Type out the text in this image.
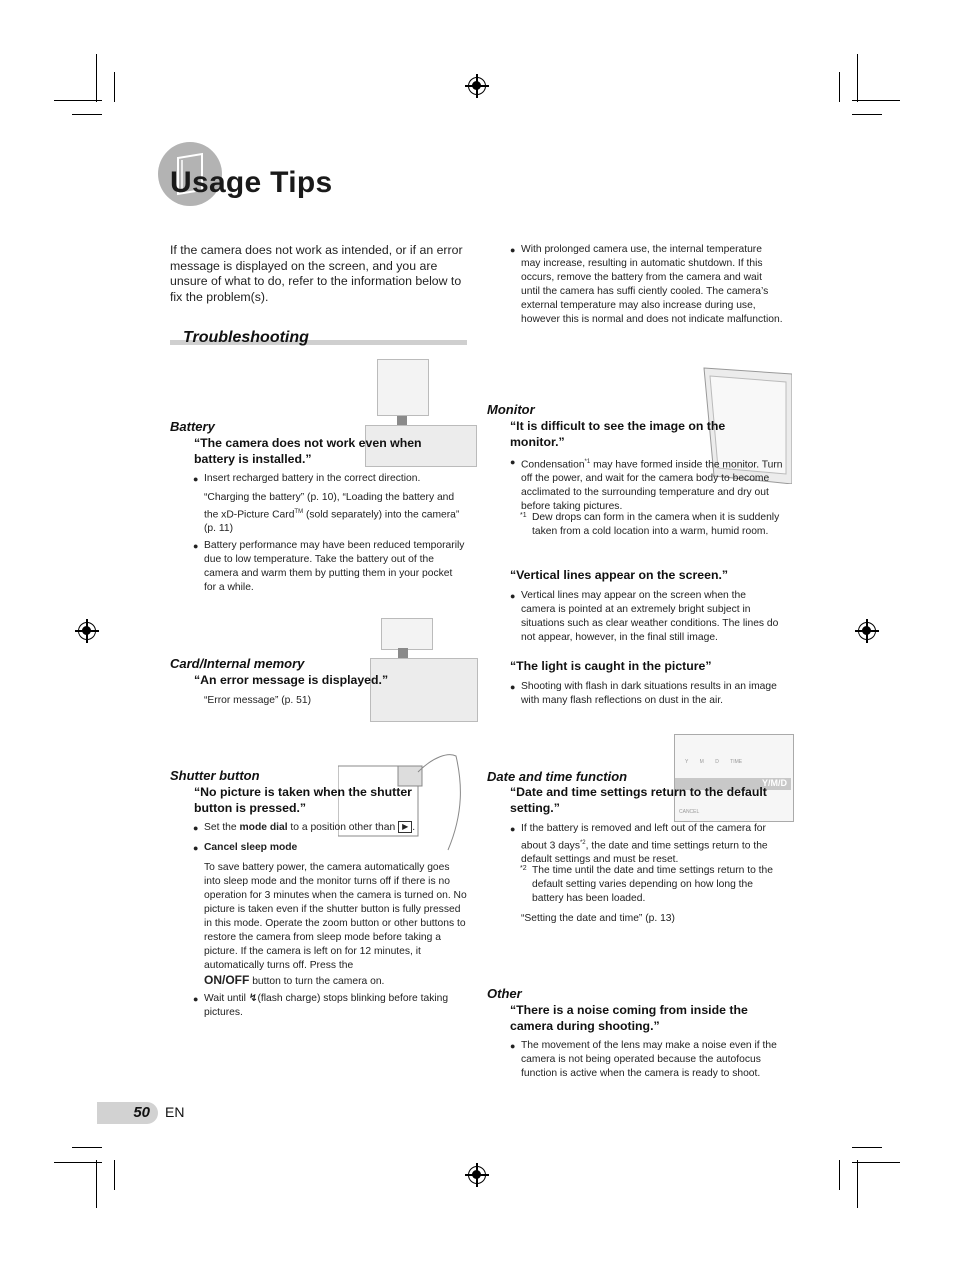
Usage Tips
If the camera does not work as intended, or if an error message is displayed on the screen, and you are unsure of what to do, refer to the information below to fix the problem(s).
Troubleshooting
Battery
“The camera does not work even when battery is installed.”
● Insert recharged battery in the correct direction.
“Charging the battery” (p. 10), “Loading the battery and the xD-Picture Card™ (sold separately) into the camera” (p. 11)
● Battery performance may have been reduced temporarily due to low temperature. Take the battery out of the camera and warm them by putting them in your pocket for a while.
Card/Internal memory
“An error message is displayed.”
“Error message” (p. 51)
Shutter button
“No picture is taken when the shutter button is pressed.”
● Set the mode dial to a position other than ▶ .
● Cancel sleep mode
To save battery power, the camera automatically goes into sleep mode and the monitor turns off if there is no operation for 3 minutes when the camera is turned on. No picture is taken even if the shutter button is fully pressed in this mode. Operate the zoom button or other buttons to restore the camera from sleep mode before taking a picture. If the camera is left on for 12 minutes, it automatically turns off. Press the
ON/OFF button to turn the camera on.
● Wait until ↯(flash charge) stops blinking before taking pictures.
● With prolonged camera use, the internal temperature may increase, resulting in automatic shutdown. If this occurs, remove the battery from the camera and wait until the camera has suffi ciently cooled. The camera’s external temperature may also increase during use, however this is normal and does not indicate malfunction.
Monitor
“It is difficult to see the image on the monitor.”
● Condensation$^{*1}$ may have formed inside the monitor. Turn off the power, and wait for the camera body to become acclimated to the surrounding temperature and dry out before taking pictures.
*1 Dew drops can form in the camera when it is suddenly taken from a cold location into a warm, humid room.
“Vertical lines appear on the screen.”
● Vertical lines may appear on the screen when the camera is pointed at an extremely bright subject in situations such as clear weather conditions. The lines do not appear, however, in the final still image.
“The light is caught in the picture”
● Shooting with flash in dark situations results in an image with many flash reflections on dust in the air.
Y M D TIME
Y/M/D
CANCEL
Date and time function
“Date and time settings return to the default setting.”
● If the battery is removed and left out of the camera for about 3 days$^{*2}$, the date and time settings return to the default settings and must be reset.
*2 The time until the date and time settings return to the default setting varies depending on how long the battery has been loaded.
“Setting the date and time” (p. 13)
Other
“There is a noise coming from inside the camera during shooting.”
● The movement of the lens may make a noise even if the camera is not being operated because the autofocus function is active when the camera is ready to shoot.
50 EN
